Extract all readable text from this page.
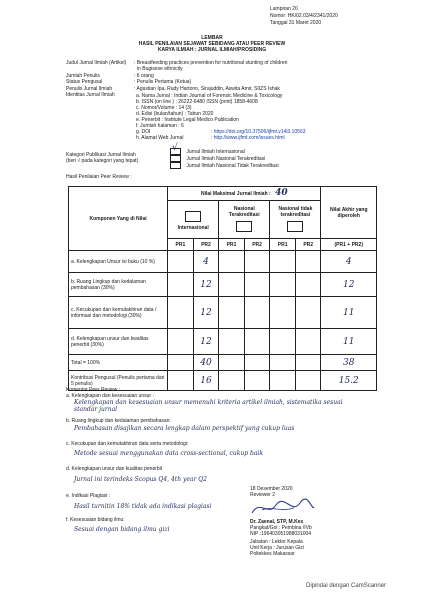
Lampiran 20
Nomor: HK/02.03/4/2341/2020
Tanggal 31 Maret 2020
LEMBAR
HASIL PENILAIAN SEJAWAT SEBIDANG ATAU PEER REVIEW
KARYA ILMIAH : JURNAL ILMIAH/PROSIDING
Judul Jurnal Ilmiah (Artikel) : Breastfeeding practices prevention for nutritional stunting of children
in Bugisese ethnicity
Jumlah Penulis	: 6 orang
Status Pengusul	: Penulis Pertama (Ketua)
Penulis Jurnal Ilmiah	: Agustian Ipa, Rudy Hartono, Sirajuddin, Aswita Amir, SIIZS Ishak
Identitas Jurnal Ilmiah	a. Nama Jurnal : Indian Journal of Forensic Medicine & Toxicology
b. ISSN (on line ) : 26222-6480 ISSN (print) 1858-4608
c. Nomor/Volume : 14 (3)
d. Edisi (bulan/tahun) : Tahun 2020
e. Penerbit : Institute Legal Medico Publication
f. Jumlah halaman : 6
g. DOI	: https://doi.org/10.37506/ijfmt.v14i3.10563
h. Alamat Web Jurnal	: http://www.ijfmt.com/issues.html
Kategori Publikasi Jurnal Ilmiah
(beri √ pada kategori yang tepat)
√ Jurnal Ilmiah Internasional
Jurnal Ilmiah Nasional Terakreditasi
Jurnal Ilmiah Nasional Tidak Terakreditasi
Hasil Penilaian Peer Review :
Komponen Yang di Nilai	Nilai Maksimal Jurnal Ilmiah : 40						Nilai Akhir yang diperoleh
	Internasional		Nasional Terakreditasi		Nasional tidak terakreditasi		
	PR1	PR2	PR1	PR2	PR1	PR2	(PR1 + PR2)
a. Kelengkapan Unsur isi buku (10 %)		4					4
b. Ruang Lingkup dan kedalaman pembahasan (30%)		12					12
c. Kecukupan dan kemutakhiran data / informasi dan metodologi (30%)		12					11
d. Kelengkapan unsur dan kwalitas penerbit (30%)		12					11
Total = 100%		40					38
Kontribusi Pengusul (Penulis pertama dari 5 penulis)		16					15.2
Komentar Peer Review :
a. Kelengkapan dan kesesuaian unsur :
Kelengkapan dan kesesuaian unsur memenuhi kriteria artikel ilmiah, sistematika sesuai standar jurnal
b. Ruang lingkup dan kedalaman pembahasan:
Pembahasan disajikan secara lengkap dalam perspektif yang cukup luas
c. Kecukupan dan kemutakhiran data serta metodologi:
Metode sesuai menggunakan data cross-sectional, cukup baik
d. Kelengkapan unsur dan kualitas penerbit
Jurnal ini terindeks Scopus Q4, 4th year Q2
e. Indikasi Plagiasi :
Hasil turnitin 18% tidak ada indikasi plagiasi
f. Kesesuaian bidang ilmu:
Sesuai dengan bidang ilmu gizi
18 Desember 2020
Reviewer 2
Dr. Zaenal, STP, M.Kes
Pangkat/Gol : Pembina /IVb
NIP :196403051988031004
Jabatan : Lektor Kepala
Unit Kerja : Jurusan Gizi
Poltekkes Makassar
Dipindai dengan CamScanner
